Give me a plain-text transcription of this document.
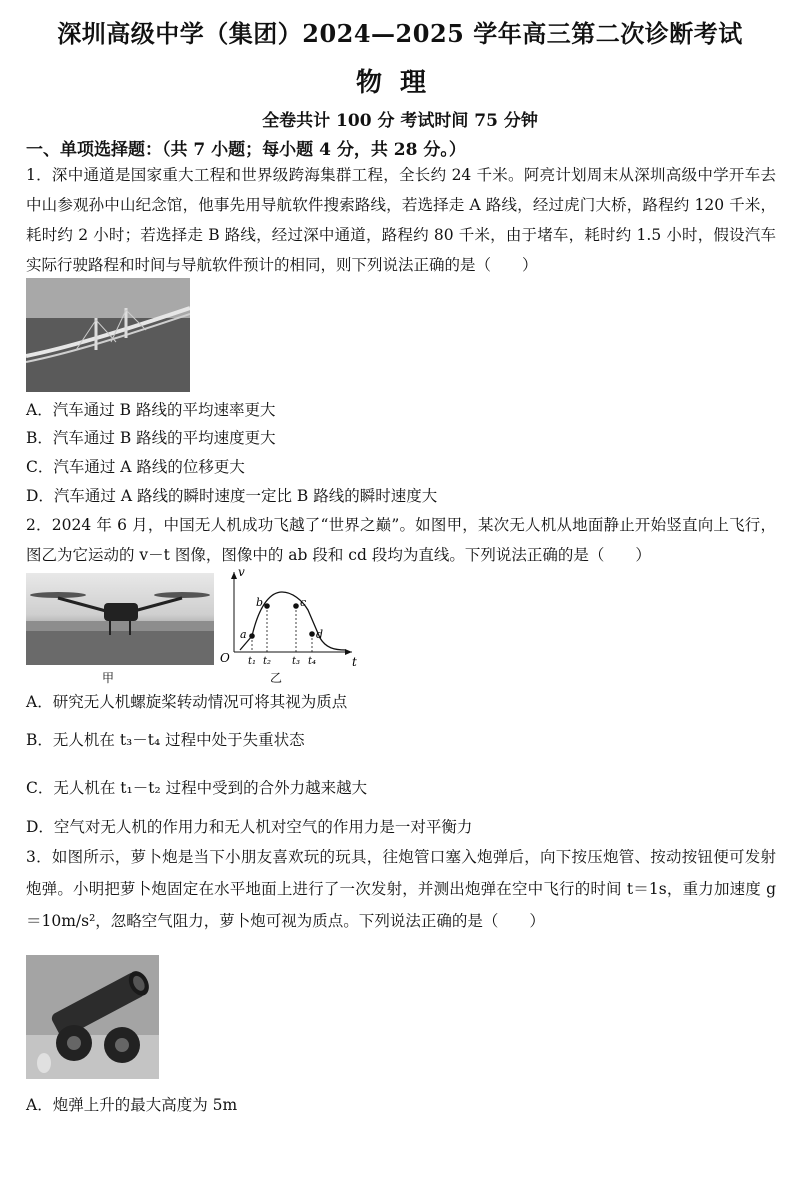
深圳高级中学（集团）2024—2025 学年高三第二次诊断考试
物理
全卷共计 100 分 考试时间 75 分钟
一、单项选择题：（共 7 小题；每小题 4 分，共 28 分。）
1．深中通道是国家重大工程和世界级跨海集群工程，全长约 24 千米。阿亮计划周末从深圳高级中学开车去中山参观孙中山纪念馆，他事先用导航软件搜索路线，若选择走 A 路线，经过虎门大桥，路程约 120 千米，耗时约 2 小时；若选择走 B 路线，经过深中通道，路程约 80 千米，由于堵车，耗时约 1.5 小时，假设汽车实际行驶路程和时间与导航软件预计的相同，则下列说法正确的是（　　）
A．汽车通过 B 路线的平均速率更大
B．汽车通过 B 路线的平均速度更大
C．汽车通过 A 路线的位移更大
D．汽车通过 A 路线的瞬时速度一定比 B 路线的瞬时速度大
2．2024 年 6 月，中国无人机成功飞越了“世界之巅”。如图甲，某次无人机从地面静止开始竖直向上飞行，图乙为它运动的 v－t 图像，图像中的 ab 段和 cd 段均为直线。下列说法正确的是（　　）
甲
v
t
O
a
b	c
d
t₁ t₂ t₃ t₄
乙
A．研究无人机螺旋桨转动情况可将其视为质点
B．无人机在 t₃－t₄ 过程中处于失重状态
C．无人机在 t₁－t₂ 过程中受到的合外力越来越大
D．空气对无人机的作用力和无人机对空气的作用力是一对平衡力
3．如图所示，萝卜炮是当下小朋友喜欢玩的玩具，往炮管口塞入炮弹后，向下按压炮管、按动按钮便可发射炮弹。小明把萝卜炮固定在水平地面上进行了一次发射，并测出炮弹在空中飞行的时间 t＝1s，重力加速度 g＝10m/s²，忽略空气阻力，萝卜炮可视为质点。下列说法正确的是（　　）
A．炮弹上升的最大高度为 5m
